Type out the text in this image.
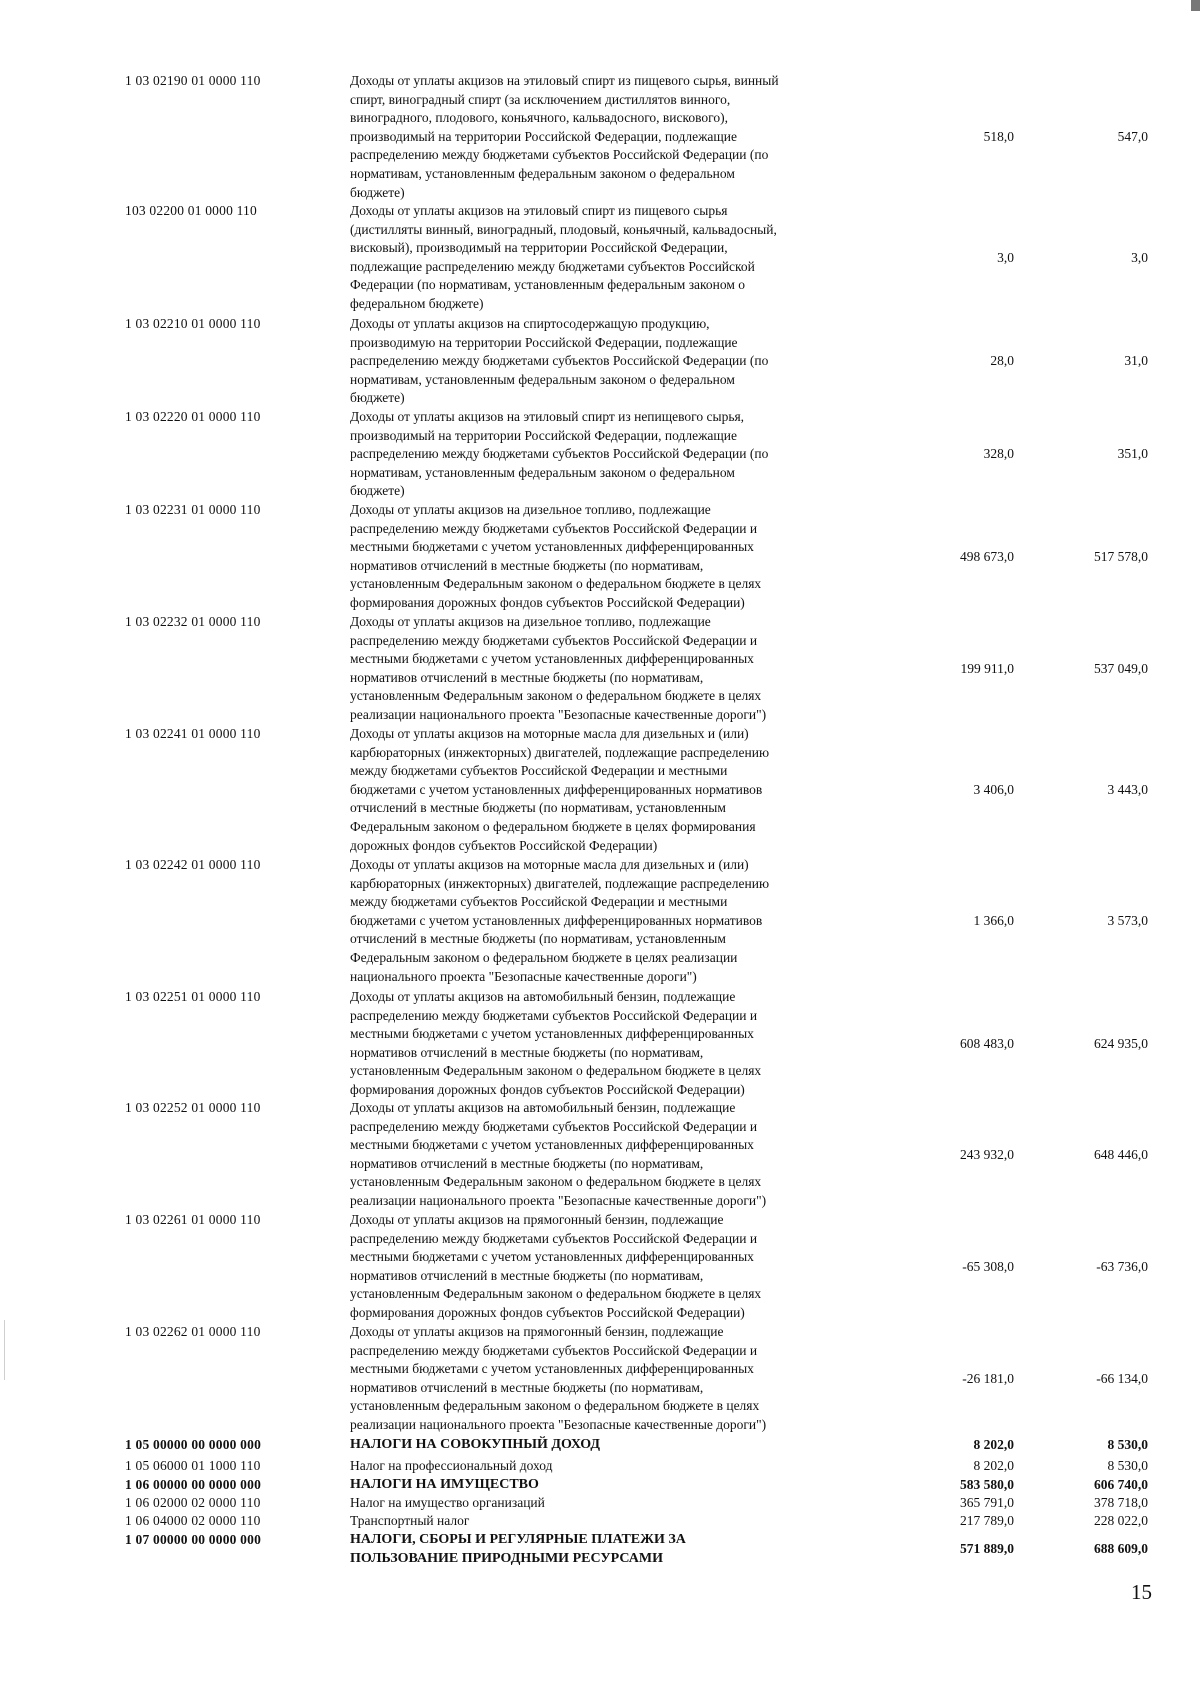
1 03 02190 01 0000 110	Доходы от уплаты акцизов на этиловый спирт из пищевого сырья, винный
спирт, виноградный спирт (за исключением дистиллятов винного,
виноградного, плодового, коньячного, кальвадосного, вискового),
производимый на территории Российской Федерации, подлежащие
распределению между бюджетами субъектов Российской Федерации (по
нормативам, установленным федеральным законом о федеральном
бюджете)
518,0	547,0
103 02200 01 0000 110	Доходы от уплаты акцизов на этиловый спирт из пищевого сырья
(дистилляты винный, виноградный, плодовый, коньячный, кальвадосный,
висковый), производимый на территории Российской Федерации,
подлежащие распределению между бюджетами субъектов Российской
Федерации (по нормативам, установленным федеральным законом о
федеральном бюджете)
3,0	3,0
1 03 02210 01 0000 110	Доходы от уплаты акцизов на спиртосодержащую продукцию,
производимую на территории Российской Федерации, подлежащие
распределению между бюджетами субъектов Российской Федерации (по
нормативам, установленным федеральным законом о федеральном
бюджете)
28,0	31,0
1 03 02220 01 0000 110	Доходы от уплаты акцизов на этиловый спирт из непищевого сырья,
производимый на территории Российской Федерации, подлежащие
распределению между бюджетами субъектов Российской Федерации (по
нормативам, установленным федеральным законом о федеральном
бюджете)
328,0	351,0
1 03 02231 01 0000 110	Доходы от уплаты акцизов на дизельное топливо, подлежащие
распределению между бюджетами субъектов Российской Федерации и
местными бюджетами с учетом установленных дифференцированных
нормативов отчислений в местные бюджеты (по нормативам,
установленным Федеральным законом о федеральном бюджете в целях
формирования дорожных фондов субъектов Российской Федерации)
498 673,0	517 578,0
1 03 02232 01 0000 110	Доходы от уплаты акцизов на дизельное топливо, подлежащие
распределению между бюджетами субъектов Российской Федерации и
местными бюджетами с учетом установленных дифференцированных
нормативов отчислений в местные бюджеты (по нормативам,
установленным Федеральным законом о федеральном бюджете в целях
реализации национального проекта "Безопасные качественные дороги")
199 911,0	537 049,0
1 03 02241 01 0000 110	Доходы от уплаты акцизов на моторные масла для дизельных и (или)
карбюраторных (инжекторных) двигателей, подлежащие распределению
между бюджетами субъектов Российской Федерации и местными
бюджетами с учетом установленных дифференцированных нормативов
отчислений в местные бюджеты (по нормативам, установленным
Федеральным законом о федеральном бюджете в целях формирования
дорожных фондов субъектов Российской Федерации)
3 406,0	3 443,0
1 03 02242 01 0000 110	Доходы от уплаты акцизов на моторные масла для дизельных и (или)
карбюраторных (инжекторных) двигателей, подлежащие распределению
между бюджетами субъектов Российской Федерации и местными
бюджетами с учетом установленных дифференцированных нормативов
отчислений в местные бюджеты (по нормативам, установленным
Федеральным законом о федеральном бюджете в целях реализации
национального проекта "Безопасные качественные дороги")
1 366,0	3 573,0
1 03 02251 01 0000 110	Доходы от уплаты акцизов на автомобильный бензин, подлежащие
распределению между бюджетами субъектов Российской Федерации и
местными бюджетами с учетом установленных дифференцированных
нормативов отчислений в местные бюджеты (по нормативам,
установленным Федеральным законом о федеральном бюджете в целях
формирования дорожных фондов субъектов Российской Федерации)
608 483,0	624 935,0
1 03 02252 01 0000 110	Доходы от уплаты акцизов на автомобильный бензин, подлежащие
распределению между бюджетами субъектов Российской Федерации и
местными бюджетами с учетом установленных дифференцированных
нормативов отчислений в местные бюджеты (по нормативам,
установленным Федеральным законом о федеральном бюджете в целях
реализации национального проекта "Безопасные качественные дороги")
243 932,0	648 446,0
1 03 02261 01 0000 110	Доходы от уплаты акцизов на прямогонный бензин, подлежащие
распределению между бюджетами субъектов Российской Федерации и
местными бюджетами с учетом установленных дифференцированных
нормативов отчислений в местные бюджеты (по нормативам,
установленным Федеральным законом о федеральном бюджете в целях
формирования дорожных фондов субъектов Российской Федерации)
-65 308,0	-63 736,0
1 03 02262 01 0000 110	Доходы от уплаты акцизов на прямогонный бензин, подлежащие
распределению между бюджетами субъектов Российской Федерации и
местными бюджетами с учетом установленных дифференцированных
нормативов отчислений в местные бюджеты (по нормативам,
установленным федеральным законом о федеральном бюджете в целях
реализации национального проекта "Безопасные качественные дороги")
-26 181,0	-66 134,0
1 05 00000 00 0000 000	НАЛОГИ НА СОВОКУПНЫЙ ДОХОД	8 202,0	8 530,0
1 05 06000 01 1000 110	Налог на профессиональный доход	8 202,0	8 530,0
1 06 00000 00 0000 000	НАЛОГИ НА ИМУЩЕСТВО	583 580,0	606 740,0
1 06 02000 02 0000 110	Налог на имущество организаций	365 791,0	378 718,0
1 06 04000 02 0000 110	Транспортный налог	217 789,0	228 022,0
1 07 00000 00 0000 000	НАЛОГИ, СБОРЫ И РЕГУЛЯРНЫЕ ПЛАТЕЖИ ЗА
ПОЛЬЗОВАНИЕ ПРИРОДНЫМИ РЕСУРСАМИ
571 889,0	688 609,0
15
